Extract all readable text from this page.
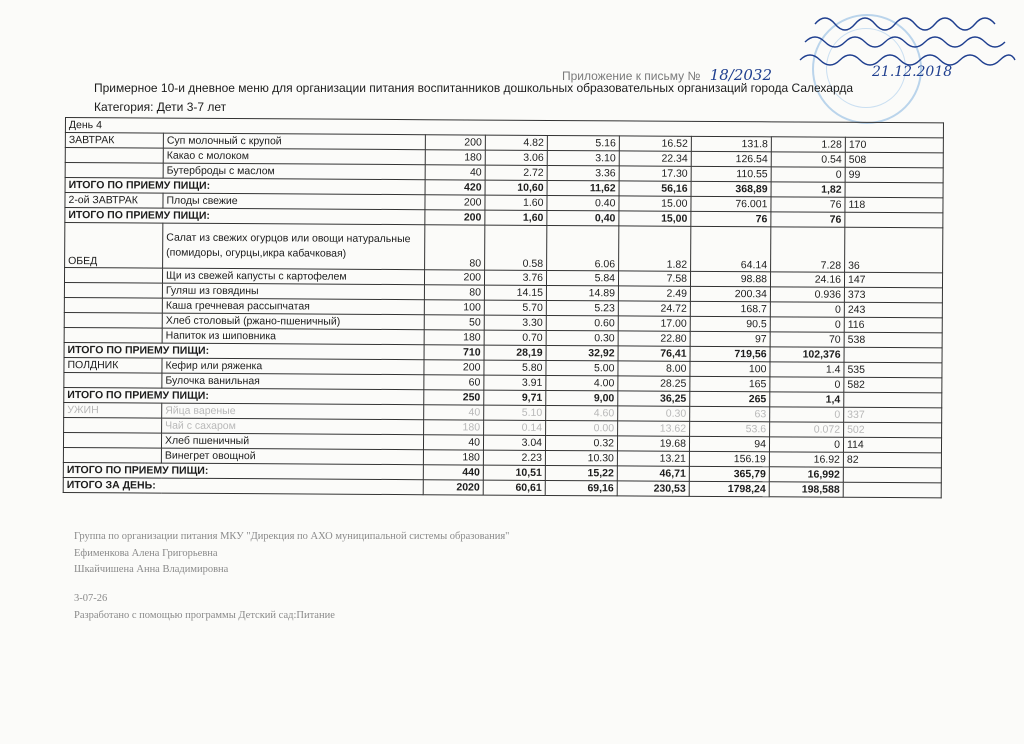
Приложение к письму № 18/2032	21.12.2018
Примерное 10-и дневное меню для организации питания воспитанников дошкольных образовательных организаций города Салехарда
Категория: Дети 3-7 лет
День 4								
ЗАВТРАК	Суп молочный с крупой	200	4.82	5.16	16.52	131.8	1.28	170
	Какао с молоком	180	3.06	3.10	22.34	126.54	0.54	508
	Бутерброды с маслом	40	2.72	3.36	17.30	110.55	0	99
ИТОГО ПО ПРИЕМУ ПИЩИ:		420	10,60	11,62	56,16	368,89	1,82	
2-ой ЗАВТРАК	Плоды свежие	200	1.60	0.40	15.00	76.001	76	118
ИТОГО ПО ПРИЕМУ ПИЩИ:		200	1,60	0,40	15,00	76	76	
ОБЕД	Салат из свежих огурцов или овощи натуральные (помидоры, огурцы,икра кабачковая)	80	0.58	6.06	1.82	64.14	7.28	36
	Щи из свежей капусты с картофелем	200	3.76	5.84	7.58	98.88	24.16	147
	Гуляш из говядины	80	14.15	14.89	2.49	200.34	0.936	373
	Каша гречневая рассыпчатая	100	5.70	5.23	24.72	168.7	0	243
	Хлеб столовый (ржано-пшеничный)	50	3.30	0.60	17.00	90.5	0	116
	Напиток из шиповника	180	0.70	0.30	22.80	97	70	538
ИТОГО ПО ПРИЕМУ ПИЩИ:		710	28,19	32,92	76,41	719,56	102,376	
ПОЛДНИК	Кефир или ряженка	200	5.80	5.00	8.00	100	1.4	535
	Булочка ванильная	60	3.91	4.00	28.25	165	0	582
ИТОГО ПО ПРИЕМУ ПИЩИ:		250	9,71	9,00	36,25	265	1,4	
УЖИН	Яйца вареные	40	5.10	4.60	0.30	63	0	337
	Чай с сахаром	180	0.14	0.00	13.62	53.6	0.072	502
	Хлеб пшеничный	40	3.04	0.32	19.68	94	0	114
	Винегрет овощной	180	2.23	10.30	13.21	156.19	16.92	82
ИТОГО ПО ПРИЕМУ ПИЩИ:		440	10,51	15,22	46,71	365,79	16,992	
ИТОГО ЗА ДЕНЬ:		2020	60,61	69,16	230,53	1798,24	198,588	
Группа по организации питания МКУ "Дирекция по АХО муниципальной системы образования"
Ефименкова Алена Григорьевна
Шкайчишена Анна Владимировна
3-07-26
Разработано с помощью программы Детский сад:Питание
